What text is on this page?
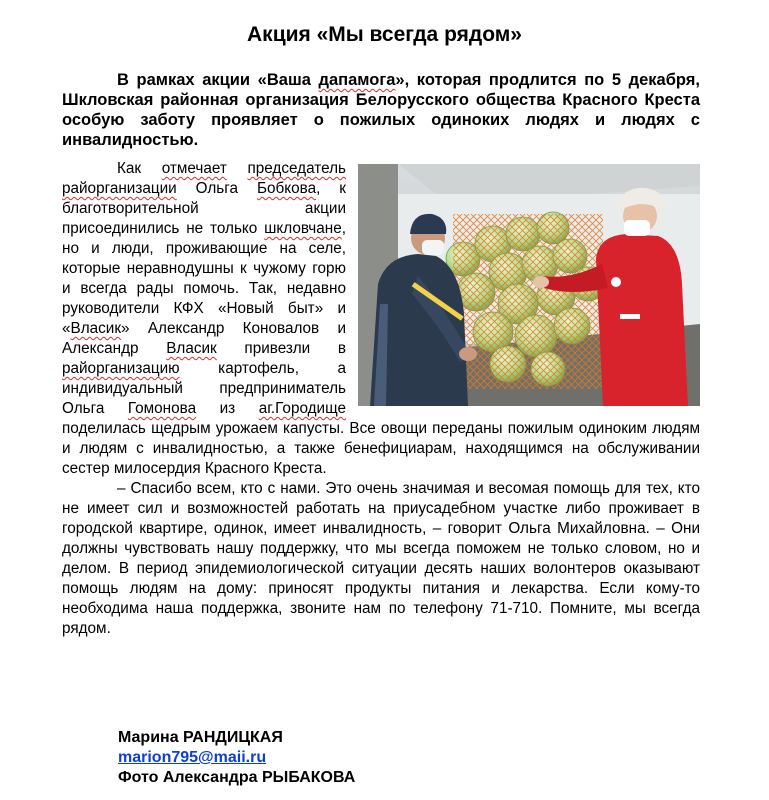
Акция «Мы всегда рядом»
В рамках акции «Ваша дапамога», которая продлится по 5 декабря, Шкловская районная организация Белорусского общества Красного Креста особую заботу проявляет о пожилых одиноких людях и людях с инвалидностью.

Как отмечает председатель райорганизации Ольга Бобкова, к благотворительной акции присоединились не только шкловчане, но и люди, проживающие на селе, которые неравнодушны к чужому горю и всегда рады помочь. Так, недавно руководители КФХ «Новый быт» и «Власик» Александр Коновалов и Александр Власик привезли в райорганизацию картофель, а индивидуальный предприниматель Ольга Гомонова из аг.Городище поделилась щедрым урожаем капусты. Все овощи переданы пожилым одиноким людям и людям с инвалидностью, а также бенефициарам, находящимся на обслуживании сестер милосердия Красного Креста.

– Спасибо всем, кто с нами. Это очень значимая и весомая помощь для тех, кто не имеет сил и возможностей работать на приусадебном участке либо проживает в городской квартире, одинок, имеет инвалидность, – говорит Ольга Михайловна. – Они должны чувствовать нашу поддержку, что мы всегда поможем не только словом, но и делом. В период эпидемиологической ситуации десять наших волонтеров оказывают помощь людям на дому: приносят продукты питания и лекарства. Если кому-то необходима наша поддержка, звоните нам по телефону 71-710. Помните, мы всегда рядом.

Марина РАНДИЦКАЯ
marion795@maii.ru
Фото Александра РЫБАКОВА
